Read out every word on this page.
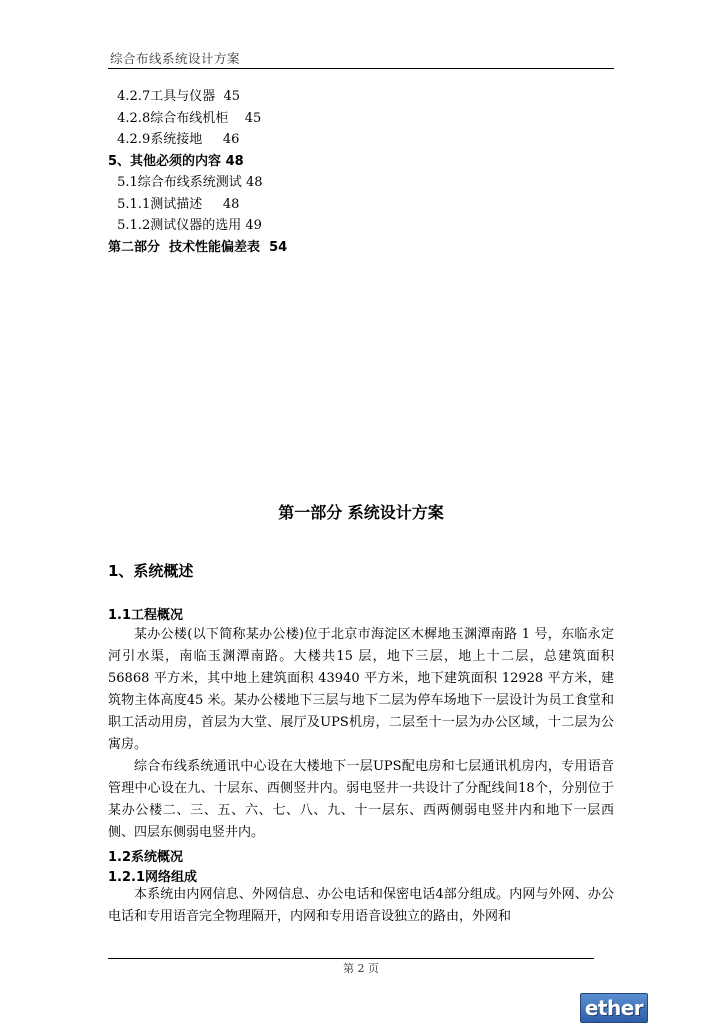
综合布线系统设计方案
4.2.7工具与仪器  45
4.2.8综合布线机柜    45
4.2.9系统接地     46
5、其他必须的内容 48
5.1综合布线系统测试 48
5.1.1测试描述     48
5.1.2测试仪器的选用 49
第二部分  技术性能偏差表  54
第一部分 系统设计方案
1、系统概述
1.1工程概况
某办公楼(以下简称某办公楼)位于北京市海淀区木樨地玉渊潭南路 1 号，东临永定河引水渠，南临玉渊潭南路。大楼共15 层，地下三层，地上十二层，总建筑面积 56868 平方米，其中地上建筑面积 43940 平方米，地下建筑面积 12928 平方米，建筑物主体高度45 米。某办公楼地下三层与地下二层为停车场地下一层设计为员工食堂和职工活动用房，首层为大堂、展厅及UPS机房，二层至十一层为办公区域，十二层为公寓房。
综合布线系统通讯中心设在大楼地下一层UPS配电房和七层通讯机房内，专用语音管理中心设在九、十层东、西侧竖井内。弱电竖井一共设计了分配线间18个，分别位于某办公楼二、三、五、六、七、八、九、十一层东、西两侧弱电竖井内和地下一层西侧、四层东侧弱电竖井内。
1.2系统概况
1.2.1网络组成
本系统由内网信息、外网信息、办公电话和保密电话4部分组成。内网与外网、办公电话和专用语音完全物理隔开，内网和专用语音设独立的路由，外网和
第 2 页
ether
